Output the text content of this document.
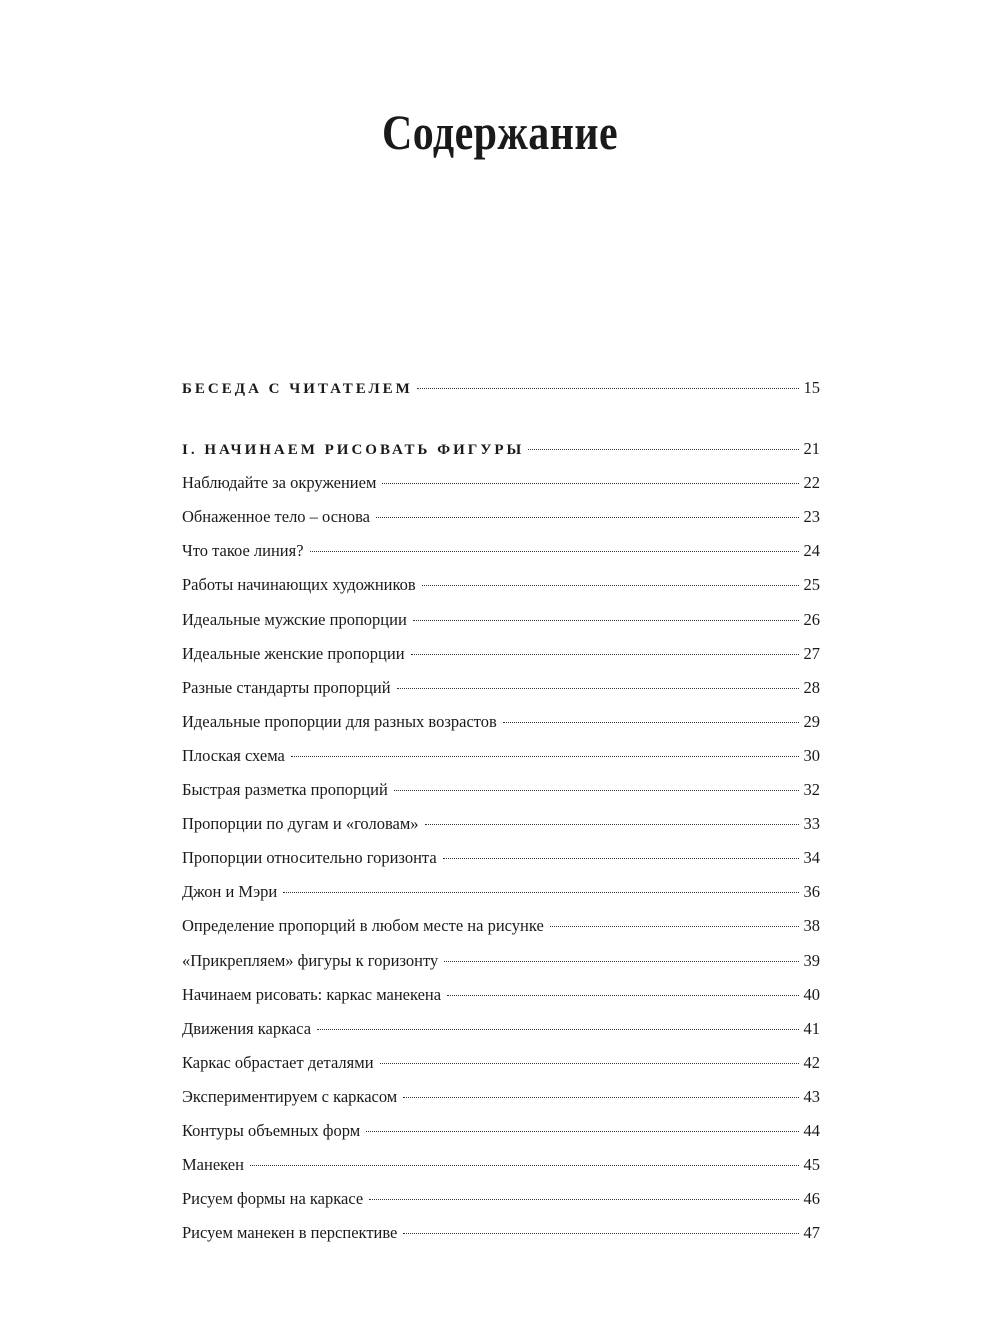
Содержание
БЕСЕДА С ЧИТАТЕЛЕМ	15
I. НАЧИНАЕМ РИСОВАТЬ ФИГУРЫ	21
Наблюдайте за окружением	22
Обнаженное тело – основа	23
Что такое линия?	24
Работы начинающих художников	25
Идеальные мужские пропорции	26
Идеальные женские пропорции	27
Разные стандарты пропорций	28
Идеальные пропорции для разных возрастов	29
Плоская схема	30
Быстрая разметка пропорций	32
Пропорции по дугам и «головам»	33
Пропорции относительно горизонта	34
Джон и Мэри	36
Определение пропорций в любом месте на рисунке	38
«Прикрепляем» фигуры к горизонту	39
Начинаем рисовать: каркас манекена	40
Движения каркаса	41
Каркас обрастает деталями	42
Экспериментируем с каркасом	43
Контуры объемных форм	44
Манекен	45
Рисуем формы на каркасе	46
Рисуем манекен в перспективе	47
